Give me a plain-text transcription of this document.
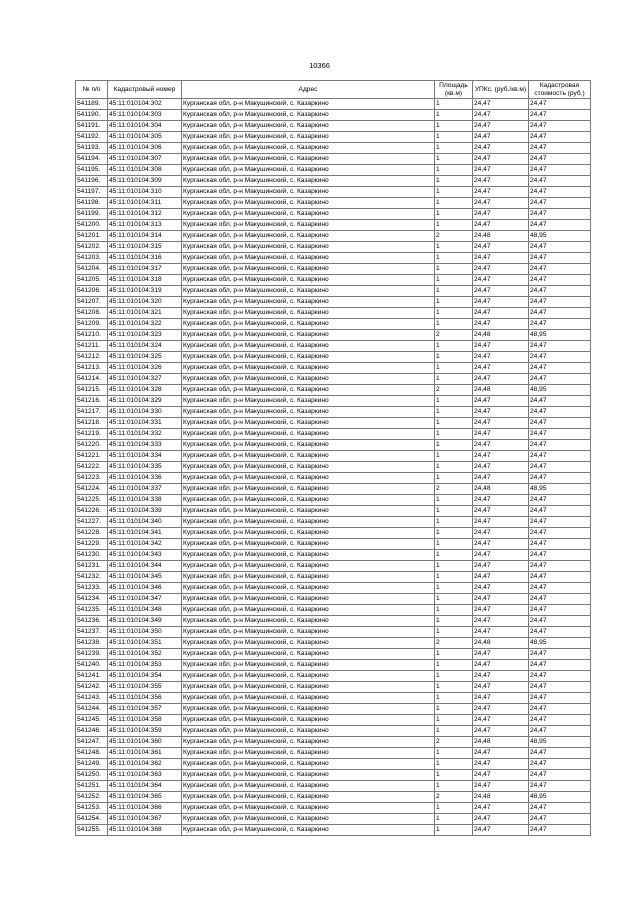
10366
№ п/п	Кадастровый номер	Адрес	Площадь (кв.м)	УПКс. (руб./кв.м)	Кадастровая стоимость (руб.)
541189.	45:11:010104:302	Курганская обл, р-н Макушинский, с. Казаркино	1	24,47	24,47
541190.	45:11:010104:303	Курганская обл, р-н Макушинский, с. Казаркино	1	24,47	24,47
541191.	45:11:010104:304	Курганская обл, р-н Макушинский, с. Казаркино	1	24,47	24,47
541192.	45:11:010104:305	Курганская обл, р-н Макушинский, с. Казаркино	1	24,47	24,47
541193.	45:11:010104:306	Курганская обл, р-н Макушинский, с. Казаркино	1	24,47	24,47
541194.	45:11:010104:307	Курганская обл, р-н Макушинский, с. Казаркино	1	24,47	24,47
541195.	45:11:010104:308	Курганская обл, р-н Макушинский, с. Казаркино	1	24,47	24,47
541196.	45:11:010104:309	Курганская обл, р-н Макушинский, с. Казаркино	1	24,47	24,47
541197.	45:11:010104:310	Курганская обл, р-н Макушинский, с. Казаркино	1	24,47	24,47
541198.	45:11:010104:311	Курганская обл, р-н Макушинский, с. Казаркино	1	24,47	24,47
541199.	45:11:010104:312	Курганская обл, р-н Макушинский, с. Казаркино	1	24,47	24,47
541200.	45:11:010104:313	Курганская обл, р-н Макушинский, с. Казаркино	1	24,47	24,47
541201.	45:11:010104:314	Курганская обл, р-н Макушинский, с. Казаркино	2	24,48	48,95
541202.	45:11:010104:315	Курганская обл, р-н Макушинский, с. Казаркино	1	24,47	24,47
541203.	45:11:010104:316	Курганская обл, р-н Макушинский, с. Казаркино	1	24,47	24,47
541204.	45:11:010104:317	Курганская обл, р-н Макушинский, с. Казаркино	1	24,47	24,47
541205.	45:11:010104:318	Курганская обл, р-н Макушинский, с. Казаркино	1	24,47	24,47
541206.	45:11:010104:319	Курганская обл, р-н Макушинский, с. Казаркино	1	24,47	24,47
541207.	45:11:010104:320	Курганская обл, р-н Макушинский, с. Казаркино	1	24,47	24,47
541208.	45:11:010104:321	Курганская обл, р-н Макушинский, с. Казаркино	1	24,47	24,47
541209.	45:11:010104:322	Курганская обл, р-н Макушинский, с. Казаркино	1	24,47	24,47
541210.	45:11:010104:323	Курганская обл, р-н Макушинский, с. Казаркино	2	24,48	48,95
541211.	45:11:010104:324	Курганская обл, р-н Макушинский, с. Казаркино	1	24,47	24,47
541212.	45:11:010104:325	Курганская обл, р-н Макушинский, с. Казаркино	1	24,47	24,47
541213.	45:11:010104:326	Курганская обл, р-н Макушинский, с. Казаркино	1	24,47	24,47
541214.	45:11:010104:327	Курганская обл, р-н Макушинский, с. Казаркино	1	24,47	24,47
541215.	45:11:010104:328	Курганская обл, р-н Макушинский, с. Казаркино	2	24,48	48,95
541216.	45:11:010104:329	Курганская обл, р-н Макушинский, с. Казаркино	1	24,47	24,47
541217.	45:11:010104:330	Курганская обл, р-н Макушинский, с. Казаркино	1	24,47	24,47
541218.	45:11:010104:331	Курганская обл, р-н Макушинский, с. Казаркино	1	24,47	24,47
541219.	45:11:010104:332	Курганская обл, р-н Макушинский, с. Казаркино	1	24,47	24,47
541220.	45:11:010104:333	Курганская обл, р-н Макушинский, с. Казаркино	1	24,47	24,47
541221.	45:11:010104:334	Курганская обл, р-н Макушинский, с. Казаркино	1	24,47	24,47
541222.	45:11:010104:335	Курганская обл, р-н Макушинский, с. Казаркино	1	24,47	24,47
541223.	45:11:010104:336	Курганская обл, р-н Макушинский, с. Казаркино	1	24,47	24,47
541224.	45:11:010104:337	Курганская обл, р-н Макушинский, с. Казаркино	2	24,48	48,95
541225.	45:11:010104:338	Курганская обл, р-н Макушинский, с. Казаркино	1	24,47	24,47
541226.	45:11:010104:339	Курганская обл, р-н Макушинский, с. Казаркино	1	24,47	24,47
541227.	45:11:010104:340	Курганская обл, р-н Макушинский, с. Казаркино	1	24,47	24,47
541228.	45:11:010104:341	Курганская обл, р-н Макушинский, с. Казаркино	1	24,47	24,47
541229.	45:11:010104:342	Курганская обл, р-н Макушинский, с. Казаркино	1	24,47	24,47
541230.	45:11:010104:343	Курганская обл, р-н Макушинский, с. Казаркино	1	24,47	24,47
541231.	45:11:010104:344	Курганская обл, р-н Макушинский, с. Казаркино	1	24,47	24,47
541232.	45:11:010104:345	Курганская обл, р-н Макушинский, с. Казаркино	1	24,47	24,47
541233.	45:11:010104:346	Курганская обл, р-н Макушинский, с. Казаркино	1	24,47	24,47
541234.	45:11:010104:347	Курганская обл, р-н Макушинский, с. Казаркино	1	24,47	24,47
541235.	45:11:010104:348	Курганская обл, р-н Макушинский, с. Казаркино	1	24,47	24,47
541236.	45:11:010104:349	Курганская обл, р-н Макушинский, с. Казаркино	1	24,47	24,47
541237.	45:11:010104:350	Курганская обл, р-н Макушинский, с. Казаркино	1	24,47	24,47
541238.	45:11:010104:351	Курганская обл, р-н Макушинский, с. Казаркино	2	24,48	48,95
541239.	45:11:010104:352	Курганская обл, р-н Макушинский, с. Казаркино	1	24,47	24,47
541240.	45:11:010104:353	Курганская обл, р-н Макушинский, с. Казаркино	1	24,47	24,47
541241.	45:11:010104:354	Курганская обл, р-н Макушинский, с. Казаркино	1	24,47	24,47
541242.	45:11:010104:355	Курганская обл, р-н Макушинский, с. Казаркино	1	24,47	24,47
541243.	45:11:010104:356	Курганская обл, р-н Макушинский, с. Казаркино	1	24,47	24,47
541244.	45:11:010104:357	Курганская обл, р-н Макушинский, с. Казаркино	1	24,47	24,47
541245.	45:11:010104:358	Курганская обл, р-н Макушинский, с. Казаркино	1	24,47	24,47
541246.	45:11:010104:359	Курганская обл, р-н Макушинский, с. Казаркино	1	24,47	24,47
541247.	45:11:010104:360	Курганская обл, р-н Макушинский, с. Казаркино	2	24,48	48,95
541248.	45:11:010104:361	Курганская обл, р-н Макушинский, с. Казаркино	1	24,47	24,47
541249.	45:11:010104:362	Курганская обл, р-н Макушинский, с. Казаркино	1	24,47	24,47
541250.	45:11:010104:363	Курганская обл, р-н Макушинский, с. Казаркино	1	24,47	24,47
541251.	45:11:010104:364	Курганская обл, р-н Макушинский, с. Казаркино	1	24,47	24,47
541252.	45:11:010104:365	Курганская обл, р-н Макушинский, с. Казаркино	2	24,48	48,95
541253.	45:11:010104:366	Курганская обл, р-н Макушинский, с. Казаркино	1	24,47	24,47
541254.	45:11:010104:367	Курганская обл, р-н Макушинский, с. Казаркино	1	24,47	24,47
541255.	45:11:010104:368	Курганская обл, р-н Макушинский, с. Казаркино	1	24,47	24,47
